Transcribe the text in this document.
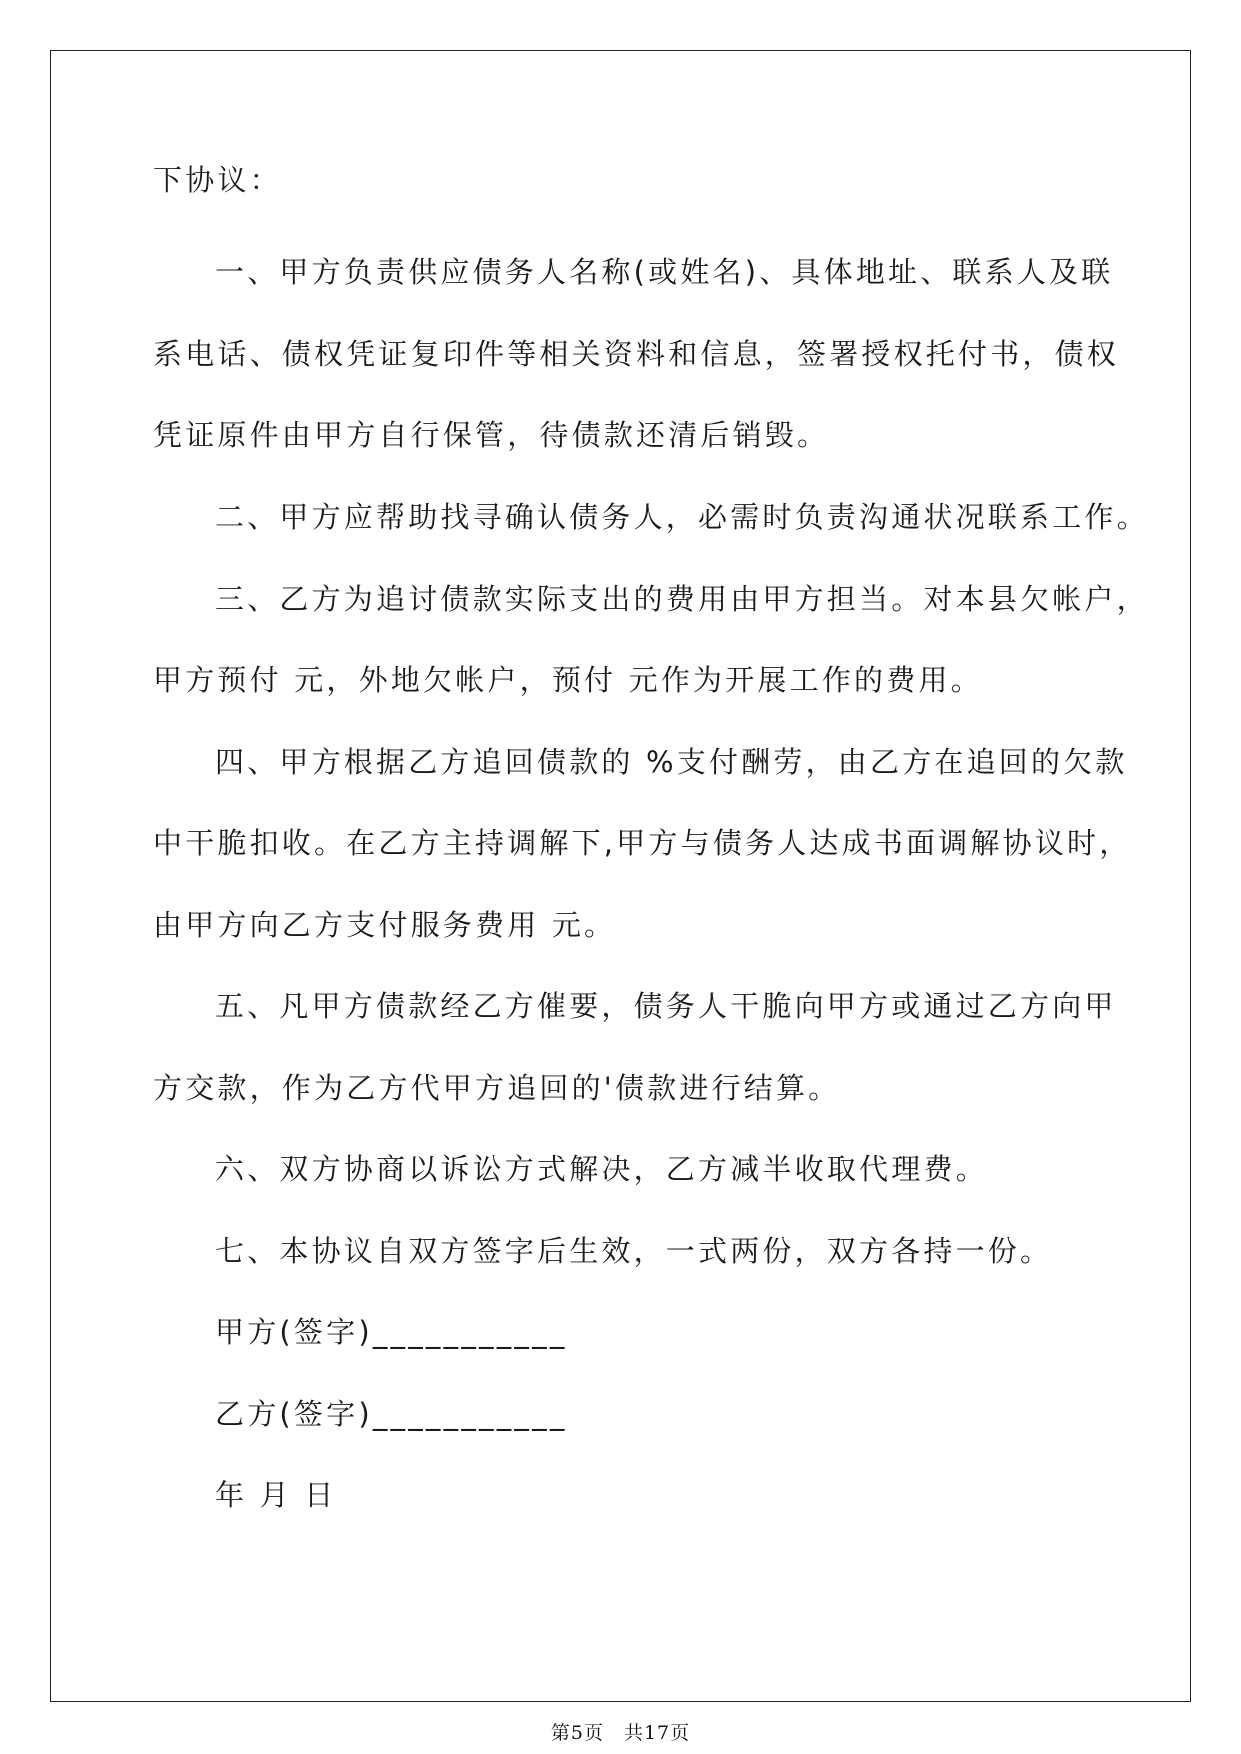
下协议：

一、甲方负责供应债务人名称(或姓名)、具体地址、联系人及联

系电话、债权凭证复印件等相关资料和信息，签署授权托付书，债权

凭证原件由甲方自行保管，待债款还清后销毁。

二、甲方应帮助找寻确认债务人，必需时负责沟通状况联系工作。

三、乙方为追讨债款实际支出的费用由甲方担当。对本县欠帐户，

甲方预付 元，外地欠帐户，预付 元作为开展工作的费用。

四、甲方根据乙方追回债款的 %支付酬劳，由乙方在追回的欠款

中干脆扣收。在乙方主持调解下,甲方与债务人达成书面调解协议时，

由甲方向乙方支付服务费用 元。

五、凡甲方债款经乙方催要，债务人干脆向甲方或通过乙方向甲

方交款，作为乙方代甲方追回的'债款进行结算。

六、双方协商以诉讼方式解决，乙方减半收取代理费。

七、本协议自双方签字后生效，一式两份，双方各持一份。

甲方(签字)___________

乙方(签字)___________

年 月 日

第5页　共17页
